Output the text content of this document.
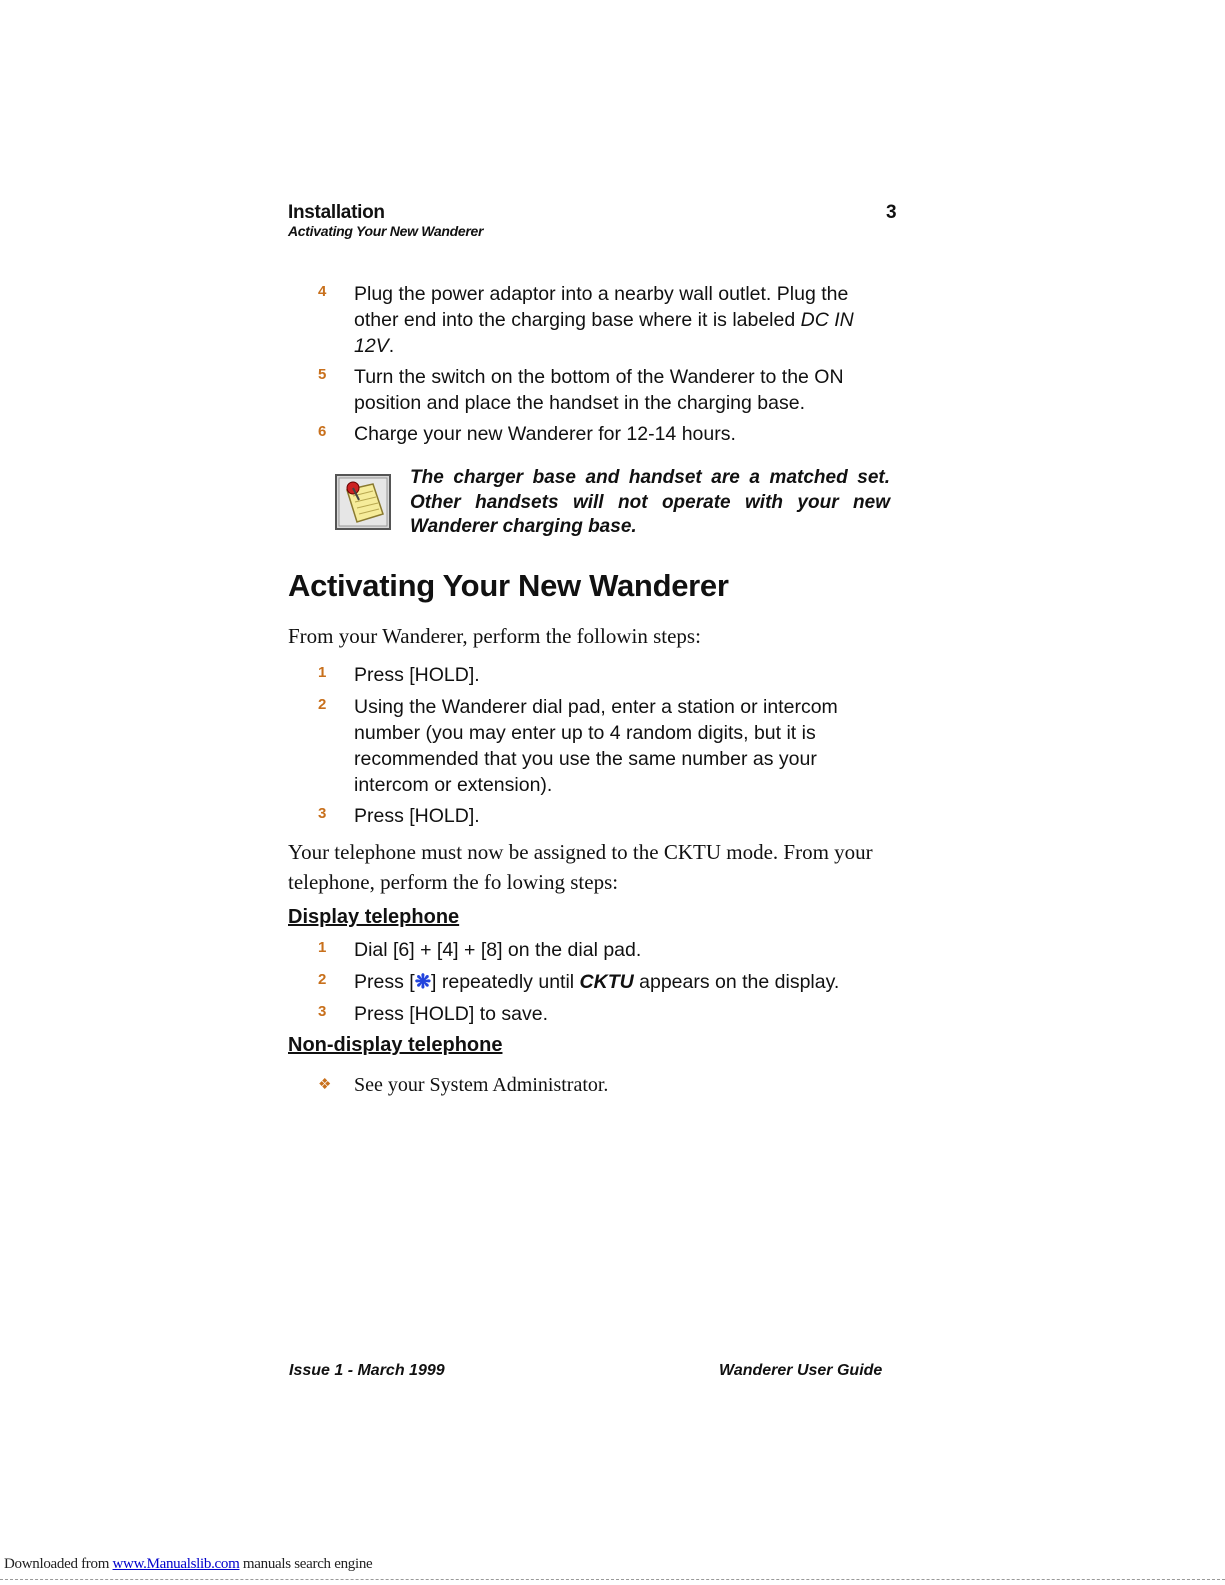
Installation
Activating Your New Wanderer
3
4 Plug the power adaptor into a nearby wall outlet. Plug the other end into the charging base where it is labeled DC IN 12V.
5 Turn the switch on the bottom of the Wanderer to the ON position and place the handset in the charging base.
6 Charge your new Wanderer for 12-14 hours.
The charger base and handset are a matched set. Other handsets will not operate with your new Wanderer charging base.
Activating Your New Wanderer
From your Wanderer, perform the followin steps:
1 Press [HOLD].
2 Using the Wanderer dial pad, enter a station or intercom number (you may enter up to 4 random digits, but it is recommended that you use the same number as your intercom or extension).
3 Press [HOLD].
Your telephone must now be assigned to the CKTU mode. From your telephone, perform the fo lowing steps:
Display telephone
1 Dial [6] + [4] + [8] on the dial pad.
2 Press [❋] repeatedly until CKTU appears on the display.
3 Press [HOLD] to save.
Non-display telephone
❖ See your System Administrator.
Issue 1 - March 1999	Wanderer User Guide
Downloaded from www.Manualslib.com manuals search engine
